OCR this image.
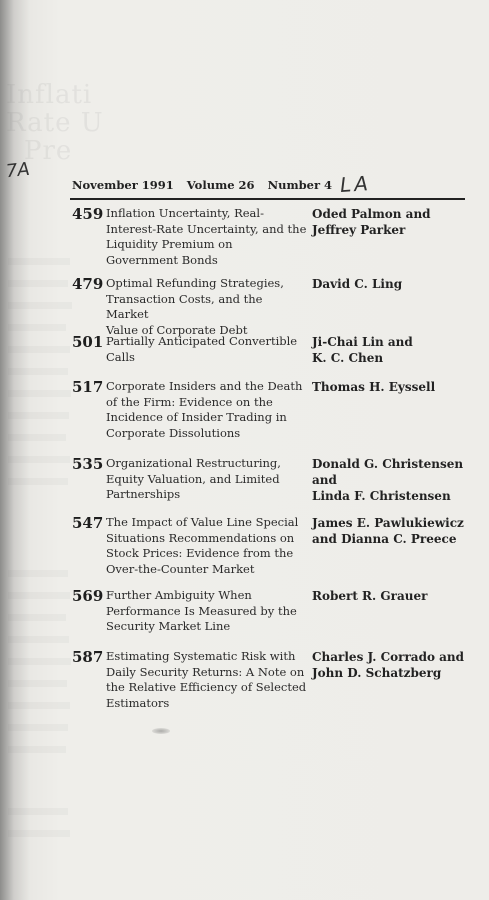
7A
LA
November 1991 Volume 26 Number 4
459 Inflation Uncertainty, Real-
Interest-Rate Uncertainty, and the
Liquidity Premium on
Government Bonds
Oded Palmon and
Jeffrey Parker
479 Optimal Refunding Strategies,
Transaction Costs, and the Market
Value of Corporate Debt
David C. Ling
501 Partially Anticipated Convertible
Calls
Ji-Chai Lin and
K. C. Chen
517 Corporate Insiders and the Death
of the Firm: Evidence on the
Incidence of Insider Trading in
Corporate Dissolutions
Thomas H. Eyssell
535 Organizational Restructuring,
Equity Valuation, and Limited
Partnerships
Donald G. Christensen
and
Linda F. Christensen
547 The Impact of Value Line Special
Situations Recommendations on
Stock Prices: Evidence from the
Over-the-Counter Market
James E. Pawlukiewicz
and Dianna C. Preece
569 Further Ambiguity When
Performance Is Measured by the
Security Market Line
Robert R. Grauer
587 Estimating Systematic Risk with
Daily Security Returns: A Note on
the Relative Efficiency of Selected
Estimators
Charles J. Corrado and
John D. Schatzberg
